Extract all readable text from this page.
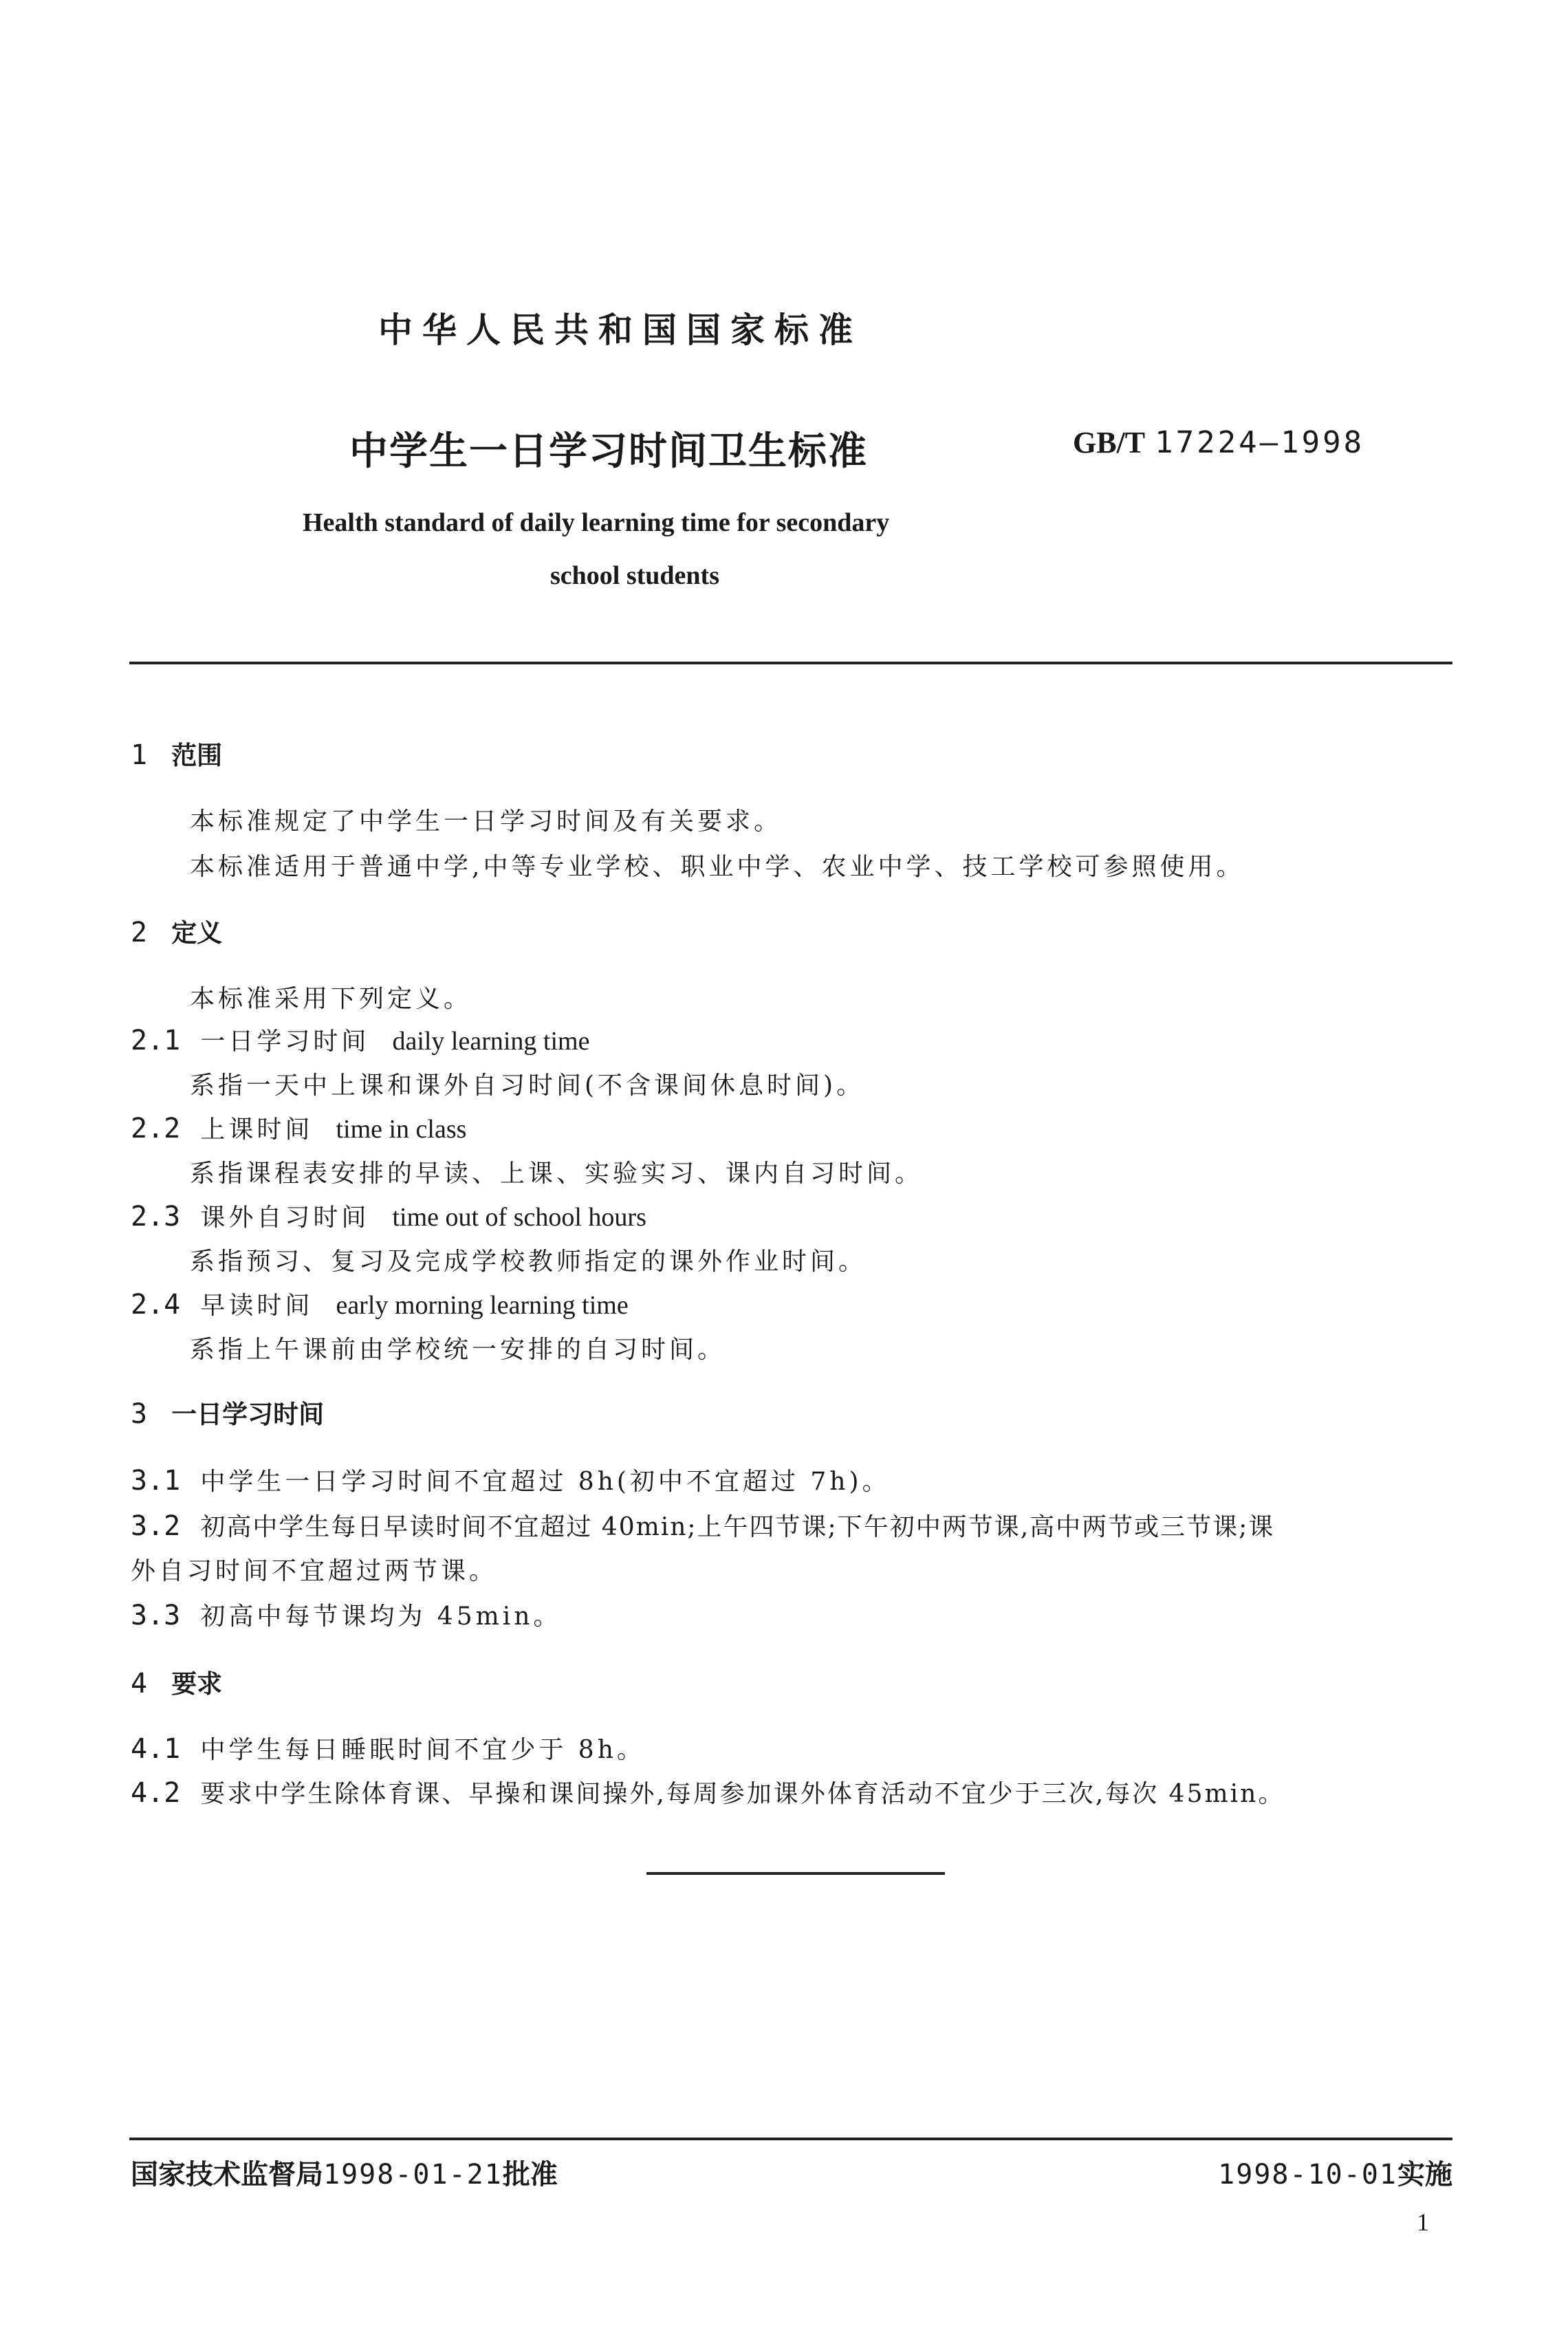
中华人民共和国国家标准
中学生一日学习时间卫生标准	GB/T 17224—1998
Health standard of daily learning time for secondary
school students
1 范围
本标准规定了中学生一日学习时间及有关要求。
本标准适用于普通中学,中等专业学校、职业中学、农业中学、技工学校可参照使用。
2 定义
本标准采用下列定义。
2.1 一日学习时间 daily learning time
系指一天中上课和课外自习时间(不含课间休息时间)。
2.2 上课时间 time in class
系指课程表安排的早读、上课、实验实习、课内自习时间。
2.3 课外自习时间 time out of school hours
系指预习、复习及完成学校教师指定的课外作业时间。
2.4 早读时间 early morning learning time
系指上午课前由学校统一安排的自习时间。
3 一日学习时间
3.1 中学生一日学习时间不宜超过 8h(初中不宜超过 7h)。
3.2 初高中学生每日早读时间不宜超过 40min;上午四节课;下午初中两节课,高中两节或三节课;课
外自习时间不宜超过两节课。
3.3 初高中每节课均为 45min。
4 要求
4.1 中学生每日睡眠时间不宜少于 8h。
4.2 要求中学生除体育课、早操和课间操外,每周参加课外体育活动不宜少于三次,每次 45min。
国家技术监督局1998-01-21批准	1998-10-01实施
1
